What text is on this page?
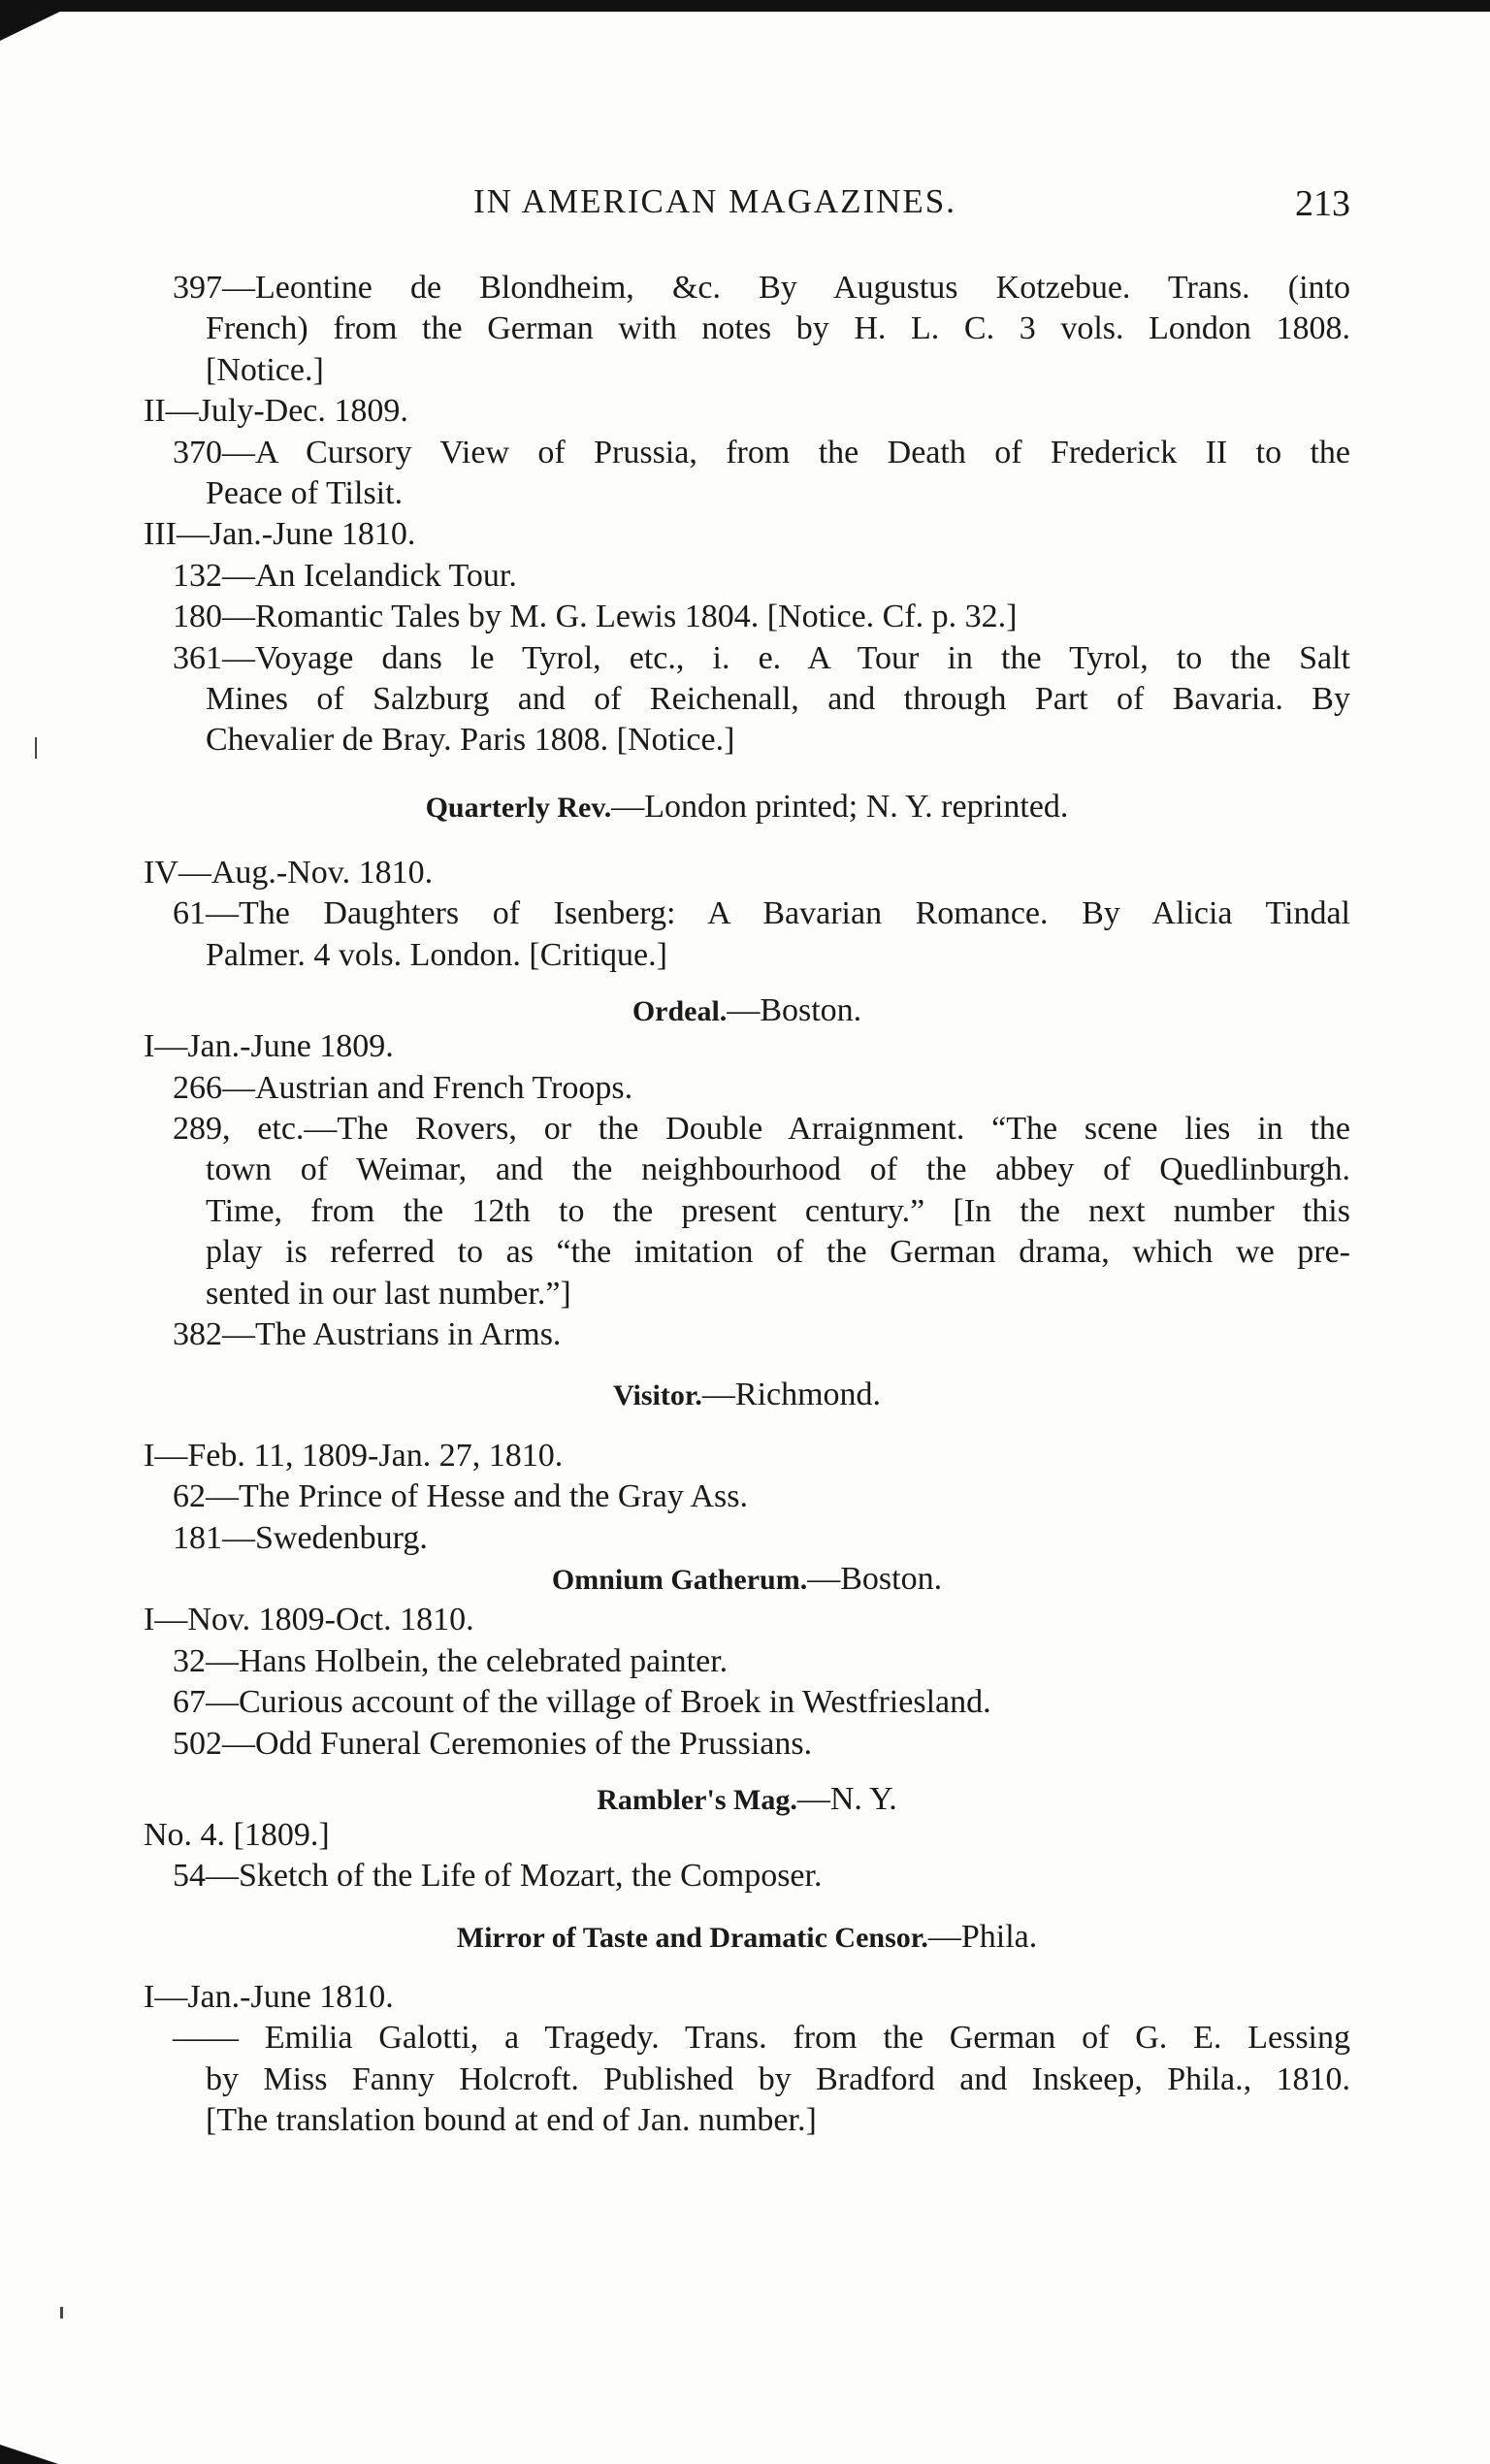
IN AMERICAN MAGAZINES.	213
397—Leontine de Blondheim, &c. By Augustus Kotzebue. Trans. (into
French) from the German with notes by H. L. C. 3 vols. London 1808.
[Notice.]
II—July-Dec. 1809.
370—A Cursory View of Prussia, from the Death of Frederick II to the
Peace of Tilsit.
III—Jan.-June 1810.
132—An Icelandick Tour.
180—Romantic Tales by M. G. Lewis 1804. [Notice. Cf. p. 32.]
361—Voyage dans le Tyrol, etc., i. e. A Tour in the Tyrol, to the Salt
Mines of Salzburg and of Reichenall, and through Part of Bavaria. By
Chevalier de Bray. Paris 1808. [Notice.]
Quarterly Rev.—London printed; N. Y. reprinted.
IV—Aug.-Nov. 1810.
61—The Daughters of Isenberg: A Bavarian Romance. By Alicia Tindal
Palmer. 4 vols. London. [Critique.]
Ordeal.—Boston.
I—Jan.-June 1809.
266—Austrian and French Troops.
289, etc.—The Rovers, or the Double Arraignment. “The scene lies in the
town of Weimar, and the neighbourhood of the abbey of Quedlinburgh.
Time, from the 12th to the present century.” [In the next number this
play is referred to as “the imitation of the German drama, which we pre-
sented in our last number.”]
382—The Austrians in Arms.
Visitor.—Richmond.
I—Feb. 11, 1809-Jan. 27, 1810.
62—The Prince of Hesse and the Gray Ass.
181—Swedenburg.
Omnium Gatherum.—Boston.
I—Nov. 1809-Oct. 1810.
32—Hans Holbein, the celebrated painter.
67—Curious account of the village of Broek in Westfriesland.
502—Odd Funeral Ceremonies of the Prussians.
Rambler's Mag.—N. Y.
No. 4. [1809.]
54—Sketch of the Life of Mozart, the Composer.
Mirror of Taste and Dramatic Censor.—Phila.
I—Jan.-June 1810.
—— Emilia Galotti, a Tragedy. Trans. from the German of G. E. Lessing
by Miss Fanny Holcroft. Published by Bradford and Inskeep, Phila., 1810.
[The translation bound at end of Jan. number.]
